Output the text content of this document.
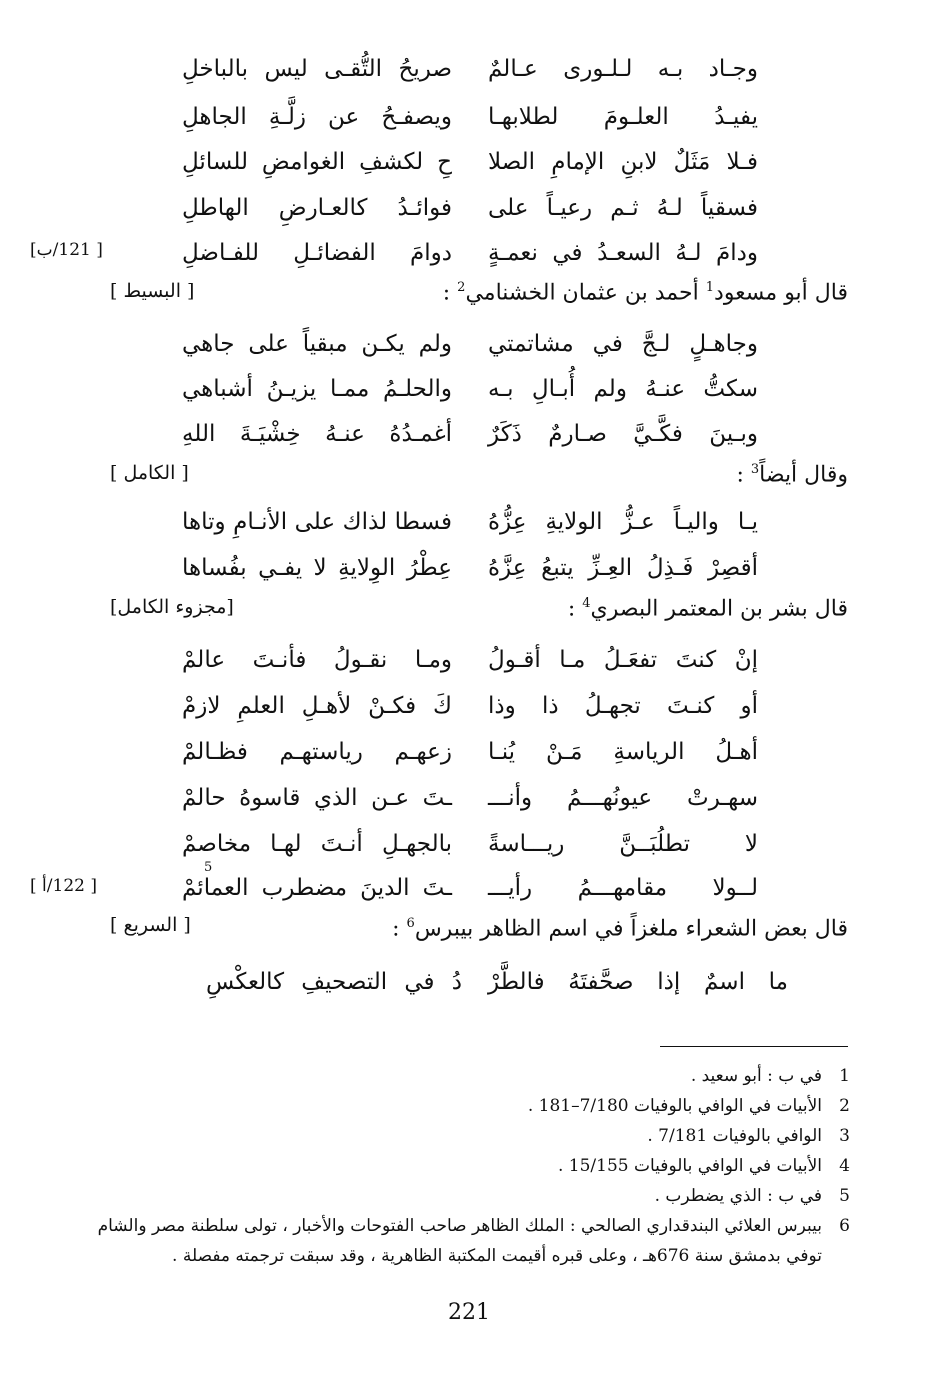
وجـاد بـه لـلـورى عـالمٌ
صريحُ التُّقـى ليس بالباخلِ
يفيـدُ العلـومَ لطلابهـا
ويصفـحُ عن زلَّـةِ الجاهلِ
فـلا مَثَلٌ لابنِ الإمامِ الصلا
حِ لكشفِ الغوامضِ للسائلِ
فسقياً لـهُ ثـم رعيـاً على
فوائـدُ كالعـارضِ الهاطلِ
ودامَ لـهُ السعـدُ في نعمـةٍ
دوامَ الفضائـلِ للفـاضلِ
[ 121/ب]
قال أبو مسعود$^1$ أحمد بن عثمان الخشنامي$^2$ :
[ البسيط ]
وجاهـلٍ لـجَّ في مشاتمتي
ولم يكـن مبقياً على جاهي
سكتُّ عنـهُ ولم أُبـالِ بـه
والحلـمُ ممـا يزيـنُ أشباهي
وبـينَ فكَّـيَّ صـارمٌ ذَكَرٌ
أغمـدُهُ عنـهُ خِشْيَـةَ اللهِ
وقال أيضاً$^3$ :
[ الكامل ]
يـا واليـاً عـزُّ الولايةِ عِزُّهُ
فسطا لذاك على الأنـامِ وتاها
أقصِرْ فَـذِلُ العِـزِّ يتبعُ عِزَّهُ
عِطْرُ الوِلايةِ لا يفـي بفُساها
قال بشر بن المعتمر البصري$^4$ :
[مجزوء الكامل]
إنْ كنتَ تفعَـلُ مـا أقـولُ
ومـا نقـولُ فأنـتَ عالمْ
أو كنـتَ تجهـلُ ذا وذا
كَ فكـنْ لأهـلِ العلمِ لازمْ
أهـلُ الرياسةِ مَـنْ يُنـا
زعهـم رياستهـم فظـالمْ
سهـرتْ عيونُهـــمُ وأنـــ
ـتَ عـن الذي قاسوهُ حالمْ
لا تطلُبَــنَّ ريـــاسةً
بالجهـلِ أنـتَ لهـا مخاصمْ
لــولا مقامهـــمُ رأيـــ
ـتَ الدينَ مضطرب العمائمْ
5
[ 122/أ ]
قال بعض الشعراء ملغزاً في اسم الظاهر بيبرس$^6$ :
[ السريع ]
ما اسمٌ إذا صحَّفتَهُ فالطَّرْ
دُ في التصحيفِ كالعكْسِ
1في ب : أبو سعيد .
2الأبيات في الوافي بالوفيات 7/180–181 .
3الوافي بالوفيات 7/181 .
4الأبيات في الوافي بالوفيات 15/155 .
5في ب : الذي يضطرب .
6بيبرس العلائي البندقداري الصالحي : الملك الظاهر صاحب الفتوحات والأخبار ، تولى سلطنة مصر والشام
توفي بدمشق سنة 676هـ ، وعلى قبره أقيمت المكتبة الظاهرية ، وقد سبقت ترجمته مفصلة .
221
